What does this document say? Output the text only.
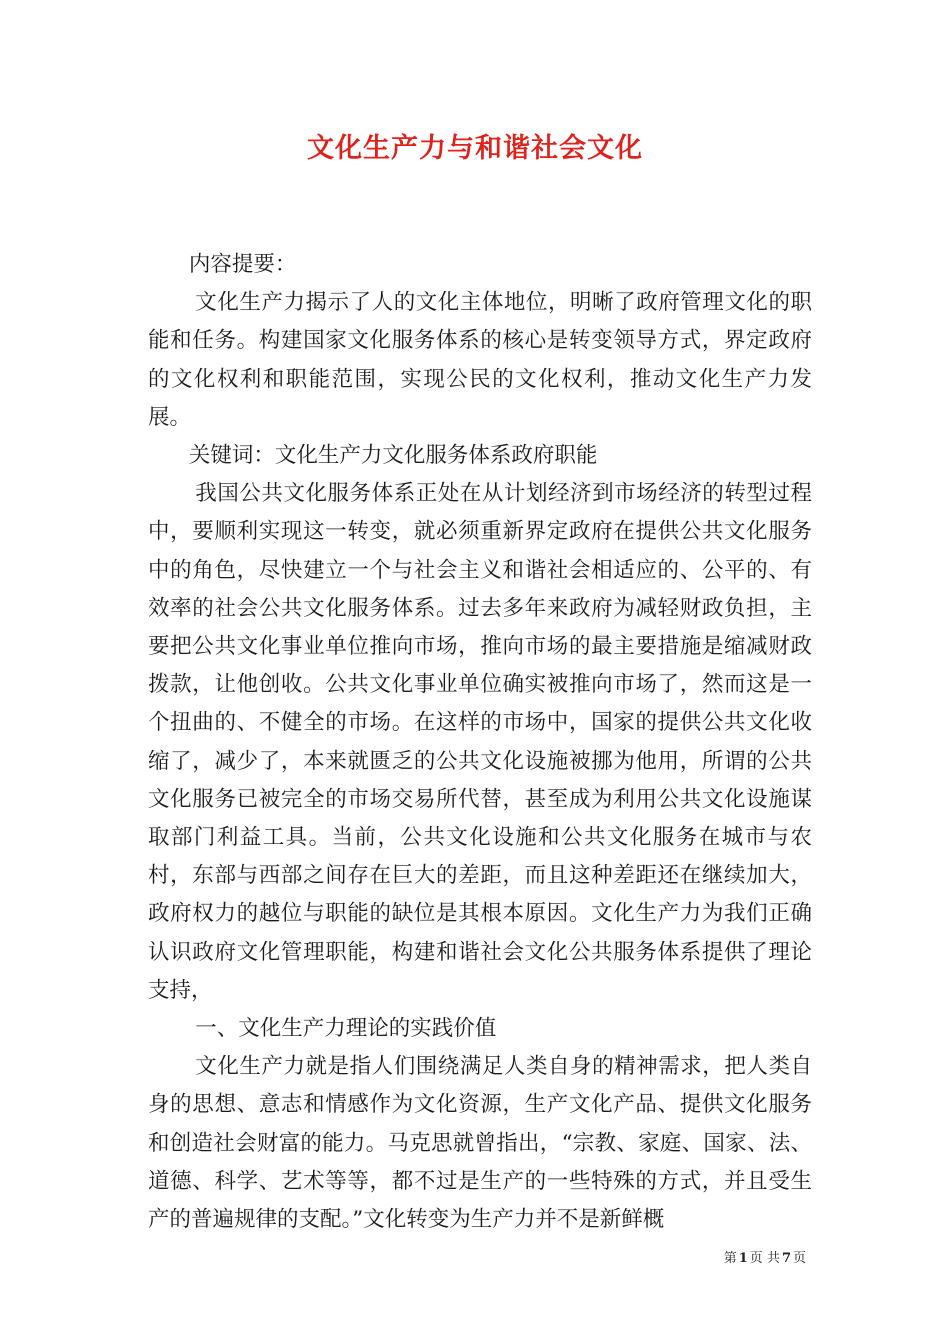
文化生产力与和谐社会文化

内容提要：

文化生产力揭示了人的文化主体地位，明晰了政府管理文化的职能和任务。构建国家文化服务体系的核心是转变领导方式，界定政府的文化权利和职能范围，实现公民的文化权利，推动文化生产力发展。

关键词：文化生产力文化服务体系政府职能

我国公共文化服务体系正处在从计划经济到市场经济的转型过程中，要顺利实现这一转变，就必须重新界定政府在提供公共文化服务中的角色，尽快建立一个与社会主义和谐社会相适应的、公平的、有效率的社会公共文化服务体系。过去多年来政府为减轻财政负担，主要把公共文化事业单位推向市场，推向市场的最主要措施是缩减财政拨款，让他创收。公共文化事业单位确实被推向市场了，然而这是一个扭曲的、不健全的市场。在这样的市场中，国家的提供公共文化收缩了，减少了，本来就匮乏的公共文化设施被挪为他用，所谓的公共文化服务已被完全的市场交易所代替，甚至成为利用公共文化设施谋取部门利益工具。当前，公共文化设施和公共文化服务在城市与农村，东部与西部之间存在巨大的差距，而且这种差距还在继续加大，政府权力的越位与职能的缺位是其根本原因。文化生产力为我们正确认识政府文化管理职能，构建和谐社会文化公共服务体系提供了理论支持，

一、文化生产力理论的实践价值

文化生产力就是指人们围绕满足人类自身的精神需求，把人类自身的思想、意志和情感作为文化资源，生产文化产品、提供文化服务和创造社会财富的能力。马克思就曾指出，“宗教、家庭、国家、法、道德、科学、艺术等等，都不过是生产的一些特殊的方式，并且受生产的普遍规律的支配。”文化转变为生产力并不是新鲜概

第 1 页 共 7 页
